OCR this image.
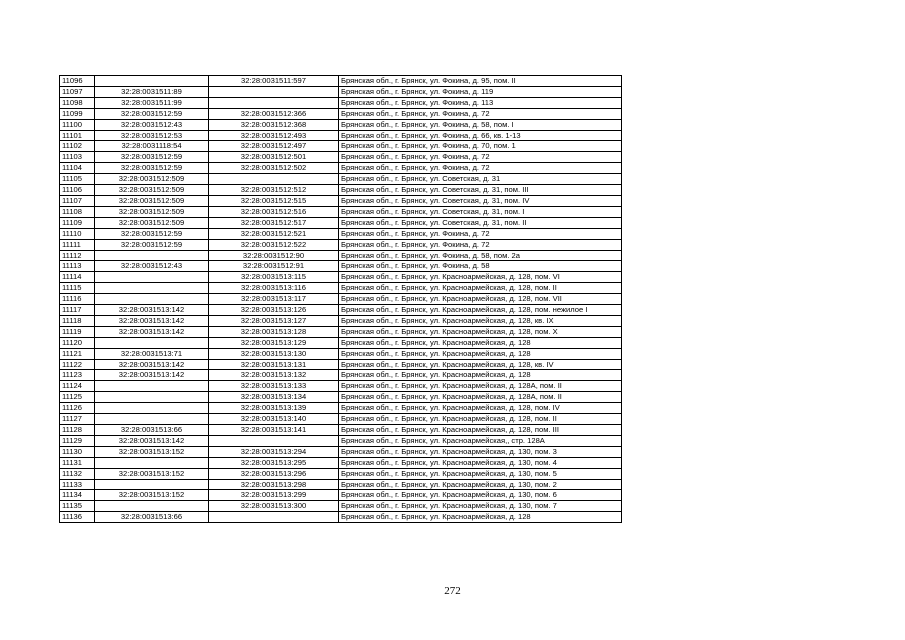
11096		32:28:0031511:597	Брянская обл., г. Брянск, ул. Фокина, д. 95, пом. II
11097	32:28:0031511:89		Брянская обл., г. Брянск, ул. Фокина, д. 119
11098	32:28:0031511:99		Брянская обл., г. Брянск, ул. Фокина, д. 113
11099	32:28:0031512:59	32:28:0031512:366	Брянская обл., г. Брянск, ул. Фокина, д. 72
11100	32:28:0031512:43	32:28:0031512:368	Брянская обл., г. Брянск, ул. Фокина, д. 58, пом. I
11101	32:28:0031512:53	32:28:0031512:493	Брянская обл., г. Брянск, ул. Фокина, д. 66, кв. 1-13
11102	32:28:0031118:54	32:28:0031512:497	Брянская обл., г. Брянск, ул. Фокина, д. 70, пом. 1
11103	32:28:0031512:59	32:28:0031512:501	Брянская обл., г. Брянск, ул. Фокина, д. 72
11104	32:28:0031512:59	32:28:0031512:502	Брянская обл., г. Брянск, ул. Фокина, д. 72
11105	32:28:0031512:509		Брянская обл., г. Брянск, ул. Советская, д. 31
11106	32:28:0031512:509	32:28:0031512:512	Брянская обл., г. Брянск, ул. Советская, д. 31, пом. III
11107	32:28:0031512:509	32:28:0031512:515	Брянская обл., г. Брянск, ул. Советская, д. 31, пом. IV
11108	32:28:0031512:509	32:28:0031512:516	Брянская обл., г. Брянск, ул. Советская, д. 31, пом. I
11109	32:28:0031512:509	32:28:0031512:517	Брянская обл., г. Брянск, ул. Советская, д. 31, пом. II
11110	32:28:0031512:59	32:28:0031512:521	Брянская обл., г. Брянск, ул. Фокина, д. 72
11111	32:28:0031512:59	32:28:0031512:522	Брянская обл., г. Брянск, ул. Фокина, д. 72
11112		32:28:0031512:90	Брянская обл., г. Брянск, ул. Фокина, д. 58, пом. 2а
11113	32:28:0031512:43	32:28:0031512:91	Брянская обл., г. Брянск, ул. Фокина, д. 58
11114		32:28:0031513:115	Брянская обл., г. Брянск, ул. Красноармейская, д. 128, пом. VI
11115		32:28:0031513:116	Брянская обл., г. Брянск, ул. Красноармейская, д. 128, пом. II
11116		32:28:0031513:117	Брянская обл., г. Брянск, ул. Красноармейская, д. 128, пом. VII
11117	32:28:0031513:142	32:28:0031513:126	Брянская обл., г. Брянск, ул. Красноармейская, д. 128, пом. нежилое I
11118	32:28:0031513:142	32:28:0031513:127	Брянская обл., г. Брянск, ул. Красноармейская, д. 128, кв. IX
11119	32:28:0031513:142	32:28:0031513:128	Брянская обл., г. Брянск, ул. Красноармейская, д. 128, пом. X
11120		32:28:0031513:129	Брянская обл., г. Брянск, ул. Красноармейская, д. 128
11121	32:28:0031513:71	32:28:0031513:130	Брянская обл., г. Брянск, ул. Красноармейская, д. 128
11122	32:28:0031513:142	32:28:0031513:131	Брянская обл., г. Брянск, ул. Красноармейская, д. 128, кв. IV
11123	32:28:0031513:142	32:28:0031513:132	Брянская обл., г. Брянск, ул. Красноармейская, д. 128
11124		32:28:0031513:133	Брянская обл., г. Брянск, ул. Красноармейская, д. 128А, пом. II
11125		32:28:0031513:134	Брянская обл., г. Брянск, ул. Красноармейская, д. 128А, пом. II
11126		32:28:0031513:139	Брянская обл., г. Брянск, ул. Красноармейская, д. 128, пом. IV
11127		32:28:0031513:140	Брянская обл., г. Брянск, ул. Красноармейская, д. 128, пом. II
11128	32:28:0031513:66	32:28:0031513:141	Брянская обл., г. Брянск, ул. Красноармейская, д. 128, пом. III
11129	32:28:0031513:142		Брянская обл., г. Брянск, ул. Красноармейская,, стр. 128А
11130	32:28:0031513:152	32:28:0031513:294	Брянская обл., г. Брянск, ул. Красноармейская, д. 130, пом. 3
11131		32:28:0031513:295	Брянская обл., г. Брянск, ул. Красноармейская, д. 130, пом. 4
11132	32:28:0031513:152	32:28:0031513:296	Брянская обл., г. Брянск, ул. Красноармейская, д. 130, пом. 5
11133		32:28:0031513:298	Брянская обл., г. Брянск, ул. Красноармейская, д. 130, пом. 2
11134	32:28:0031513:152	32:28:0031513:299	Брянская обл., г. Брянск, ул. Красноармейская, д. 130, пом. 6
11135		32:28:0031513:300	Брянская обл., г. Брянск, ул. Красноармейская, д. 130, пом. 7
11136	32:28:0031513:66		Брянская обл., г. Брянск, ул. Красноармейская, д. 128
272
